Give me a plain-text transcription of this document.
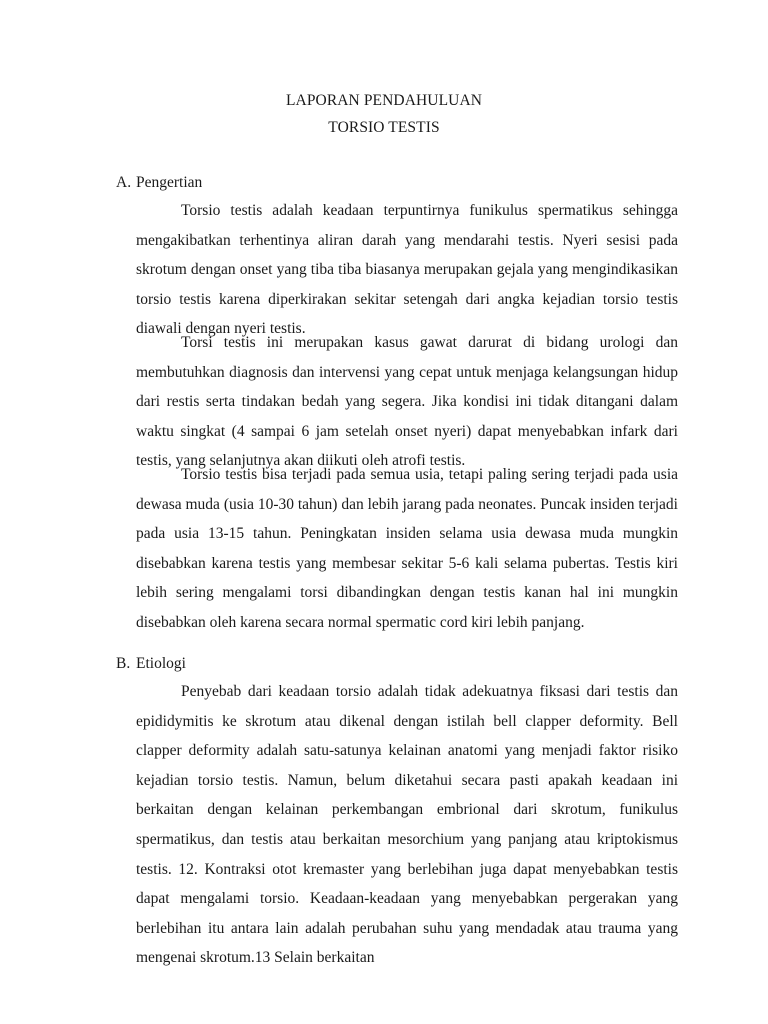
LAPORAN PENDAHULUAN
TORSIO TESTIS
A. Pengertian

Torsio testis adalah keadaan terpuntirnya funikulus spermatikus sehingga mengakibatkan terhentinya aliran darah yang mendarahi testis. Nyeri sesisi pada skrotum dengan onset yang tiba tiba biasanya merupakan gejala yang mengindikasikan torsio testis karena diperkirakan sekitar setengah dari angka kejadian torsio testis diawali dengan nyeri testis.

Torsi testis ini merupakan kasus gawat darurat di bidang urologi dan membutuhkan diagnosis dan intervensi yang cepat untuk menjaga kelangsungan hidup dari restis serta tindakan bedah yang segera. Jika kondisi ini tidak ditangani dalam waktu singkat (4 sampai 6 jam setelah onset nyeri) dapat menyebabkan infark dari testis, yang selanjutnya akan diikuti oleh atrofi testis.

Torsio testis bisa terjadi pada semua usia, tetapi paling sering terjadi pada usia dewasa muda (usia 10-30 tahun) dan lebih jarang pada neonates. Puncak insiden terjadi pada usia 13-15 tahun. Peningkatan insiden selama usia dewasa muda mungkin disebabkan karena testis yang membesar sekitar 5-6 kali selama pubertas. Testis kiri lebih sering mengalami torsi dibandingkan dengan testis kanan hal ini mungkin disebabkan oleh karena secara normal spermatic cord kiri lebih panjang.

B. Etiologi

Penyebab dari keadaan torsio adalah tidak adekuatnya fiksasi dari testis dan epididymitis ke skrotum atau dikenal dengan istilah bell clapper deformity. Bell clapper deformity adalah satu-satunya kelainan anatomi yang menjadi faktor risiko kejadian torsio testis. Namun, belum diketahui secara pasti apakah keadaan ini berkaitan dengan kelainan perkembangan embrional dari skrotum, funikulus spermatikus, dan testis atau berkaitan mesorchium yang panjang atau kriptokismus testis. 12. Kontraksi otot kremaster yang berlebihan juga dapat menyebabkan testis dapat mengalami torsio. Keadaan-keadaan yang menyebabkan pergerakan yang berlebihan itu antara lain adalah perubahan suhu yang mendadak atau trauma yang mengenai skrotum.13 Selain berkaitan
